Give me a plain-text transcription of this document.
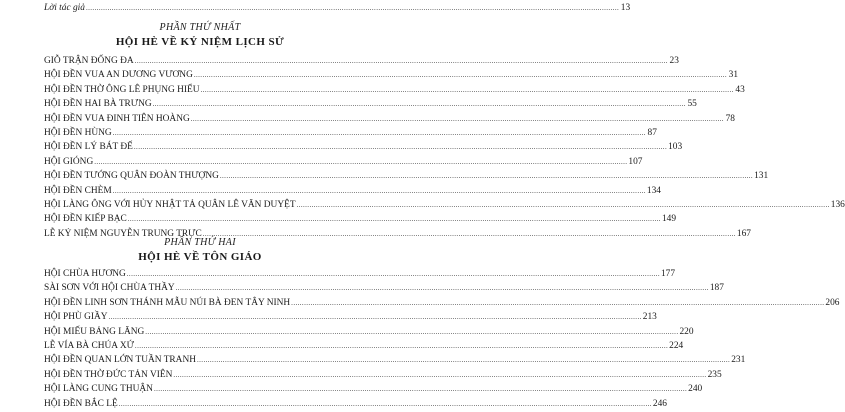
Lời tác giả .....	13
PHẦN THỨ NHẤT
HỘI HÈ VỀ KỶ NIỆM LỊCH SỬ
GIỖ TRẬN ĐỐNG ĐA .....	23
HỘI ĐỀN VUA AN DƯƠNG VƯƠNG .....	31
HỘI ĐỀN THỜ ÔNG LÊ PHỤNG HIỂU .....	43
HỘI ĐỀN HAI BÀ TRƯNG .....	55
HỘI ĐỀN VUA ĐINH TIÊN HOÀNG .....	78
HỘI ĐỀN HÙNG .....	87
HỘI ĐỀN LÝ BÁT ĐẾ .....	103
HỘI GIÓNG .....	107
HỘI ĐỀN TƯỚNG QUÂN ĐOÀN THƯỢNG .....	131
HỘI ĐỀN CHÈM .....	134
HỘI LÀNG ÔNG VỚI HỦY NHẬT TẢ QUÂN LÊ VĂN DUYỆT .....	136
HỘI ĐỀN KIẾP BẠC .....	149
LỄ KỶ NIỆM NGUYỄN TRUNG TRỰC .....	167
PHẦN THỨ HAI
HỘI HÈ VỀ TÔN GIÁO
HỘI CHÙA HƯƠNG .....	177
SÀI SƠN VỚI HỘI CHÙA THẦY .....	187
HỘI ĐỀN LINH SƠN THÁNH MẪU NÚI BÀ ĐEN TÂY NINH .....	206
HỘI PHÙ GIẦY .....	213
HỘI MIẾU BẢNG LĂNG .....	220
LỄ VÍA BÀ CHÚA XỨ .....	224
HỘI ĐỀN QUAN LỚN TUẦN TRANH .....	231
HỘI ĐỀN THỜ ĐỨC TẢN VIÊN .....	235
HỘI LÀNG CUNG THUẬN .....	240
HỘI ĐỀN BẮC LỆ .....	246
